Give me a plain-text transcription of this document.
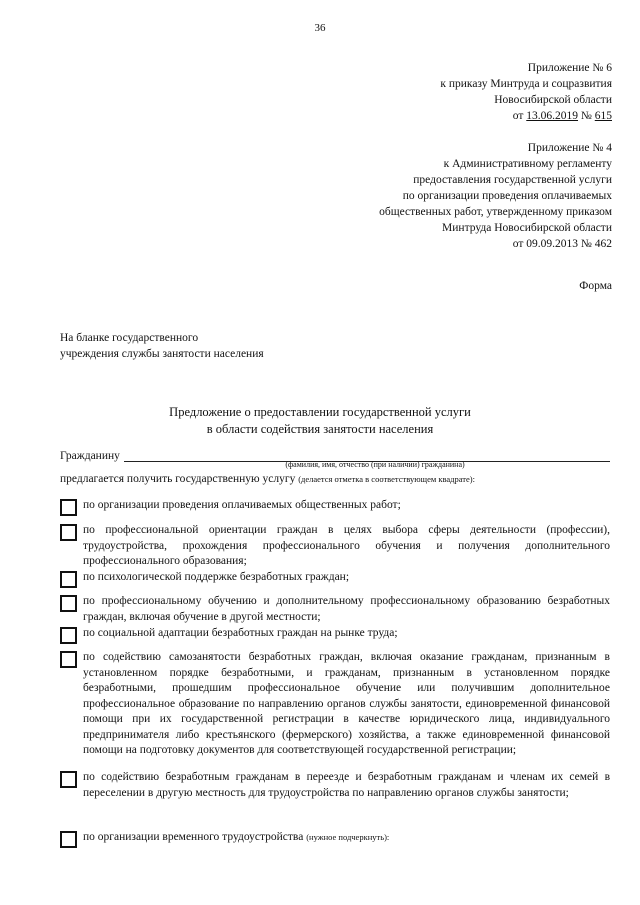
36
Приложение № 6
к приказу Минтруда и соцразвития
Новосибирской области
от 13.06.2019 № 615
Приложение № 4
к Административному регламенту
предоставления государственной услуги
по организации проведения оплачиваемых
общественных работ, утвержденному приказом
Минтруда Новосибирской области
от 09.09.2013 № 462
Форма
На бланке государственного
учреждения службы занятости населения
Предложение о предоставлении государственной услуги
в области содействия занятости населения
Гражданину
(фамилия, имя, отчество (при наличии) гражданина)
предлагается получить государственную услугу (делается отметка в соответствующем квадрате):
по организации проведения оплачиваемых общественных работ;
по профессиональной ориентации граждан в целях выбора сферы деятельности (профессии), трудоустройства, прохождения профессионального обучения и получения дополнительного профессионального образования;
по психологической поддержке безработных граждан;
по профессиональному обучению и дополнительному профессиональному образованию безработных граждан, включая обучение в другой местности;
по социальной адаптации безработных граждан на рынке труда;
по содействию самозанятости безработных граждан, включая оказание гражданам, признанным в установленном порядке безработными, и гражданам, признанным в установленном порядке безработными, прошедшим профессиональное обучение или получившим дополнительное профессиональное образование по направлению органов службы занятости, единовременной финансовой помощи при их государственной регистрации в качестве юридического лица, индивидуального предпринимателя либо крестьянского (фермерского) хозяйства, а также единовременной финансовой помощи на подготовку документов для соответствующей государственной регистрации;
по содействию безработным гражданам в переезде и безработным гражданам и членам их семей в переселении в другую местность для трудоустройства по направлению органов службы занятости;
по организации временного трудоустройства (нужное подчеркнуть):
